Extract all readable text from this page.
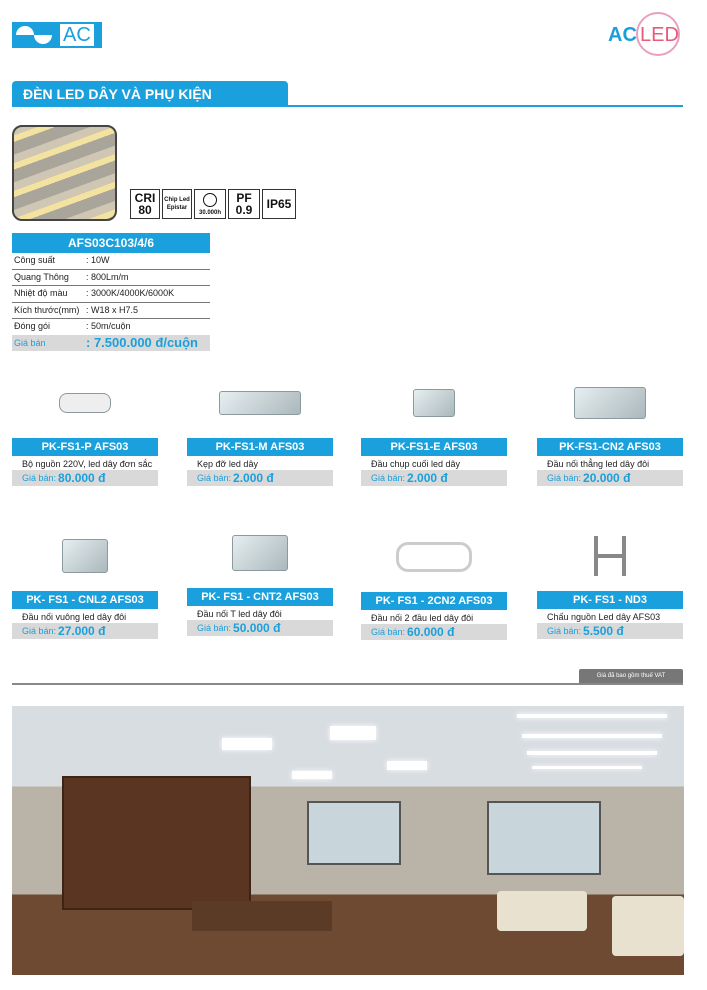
AC	AC LED
ĐÈN LED DÂY VÀ PHỤ KIỆN
CRI
80
Chip Led
Epistar
30.000h
PF
0.9 IP65
AFS03C103/4/6
Công suất	: 10W
Quang Thông	: 800Lm/m
Nhiệt độ màu	: 3000K/4000K/6000K
Kích thước(mm) : W18 x H7.5
Đóng gói	: 50m/cuộn
Giá bán	: 7.500.000 đ/cuộn
PK-FS1-P AFS03
Bộ nguồn 220V, led dây đơn sắc
Giá bán: 80.000 đ
PK-FS1-M AFS03
Kẹp đỡ led dây
Giá bán: 2.000 đ
PK-FS1-E AFS03
Đầu chụp cuối led dây
Giá bán: 2.000 đ
PK-FS1-CN2 AFS03
Đầu nối thẳng led dây đôi
Giá bán: 20.000 đ
PK- FS1 - CNL2 AFS03
Đầu nối vuông led dây đôi
Giá bán: 27.000 đ
PK- FS1 - CNT2 AFS03
Đầu nối T led dây đôi
Giá bán: 50.000 đ
PK- FS1 - 2CN2 AFS03
Đầu nối 2 đầu led dây đôi
Giá bán: 60.000 đ
PK- FS1 - ND3
Chấu nguồn Led dây AFS03
Giá bán: 5.500 đ
Giá đã bao gồm thuế VAT
